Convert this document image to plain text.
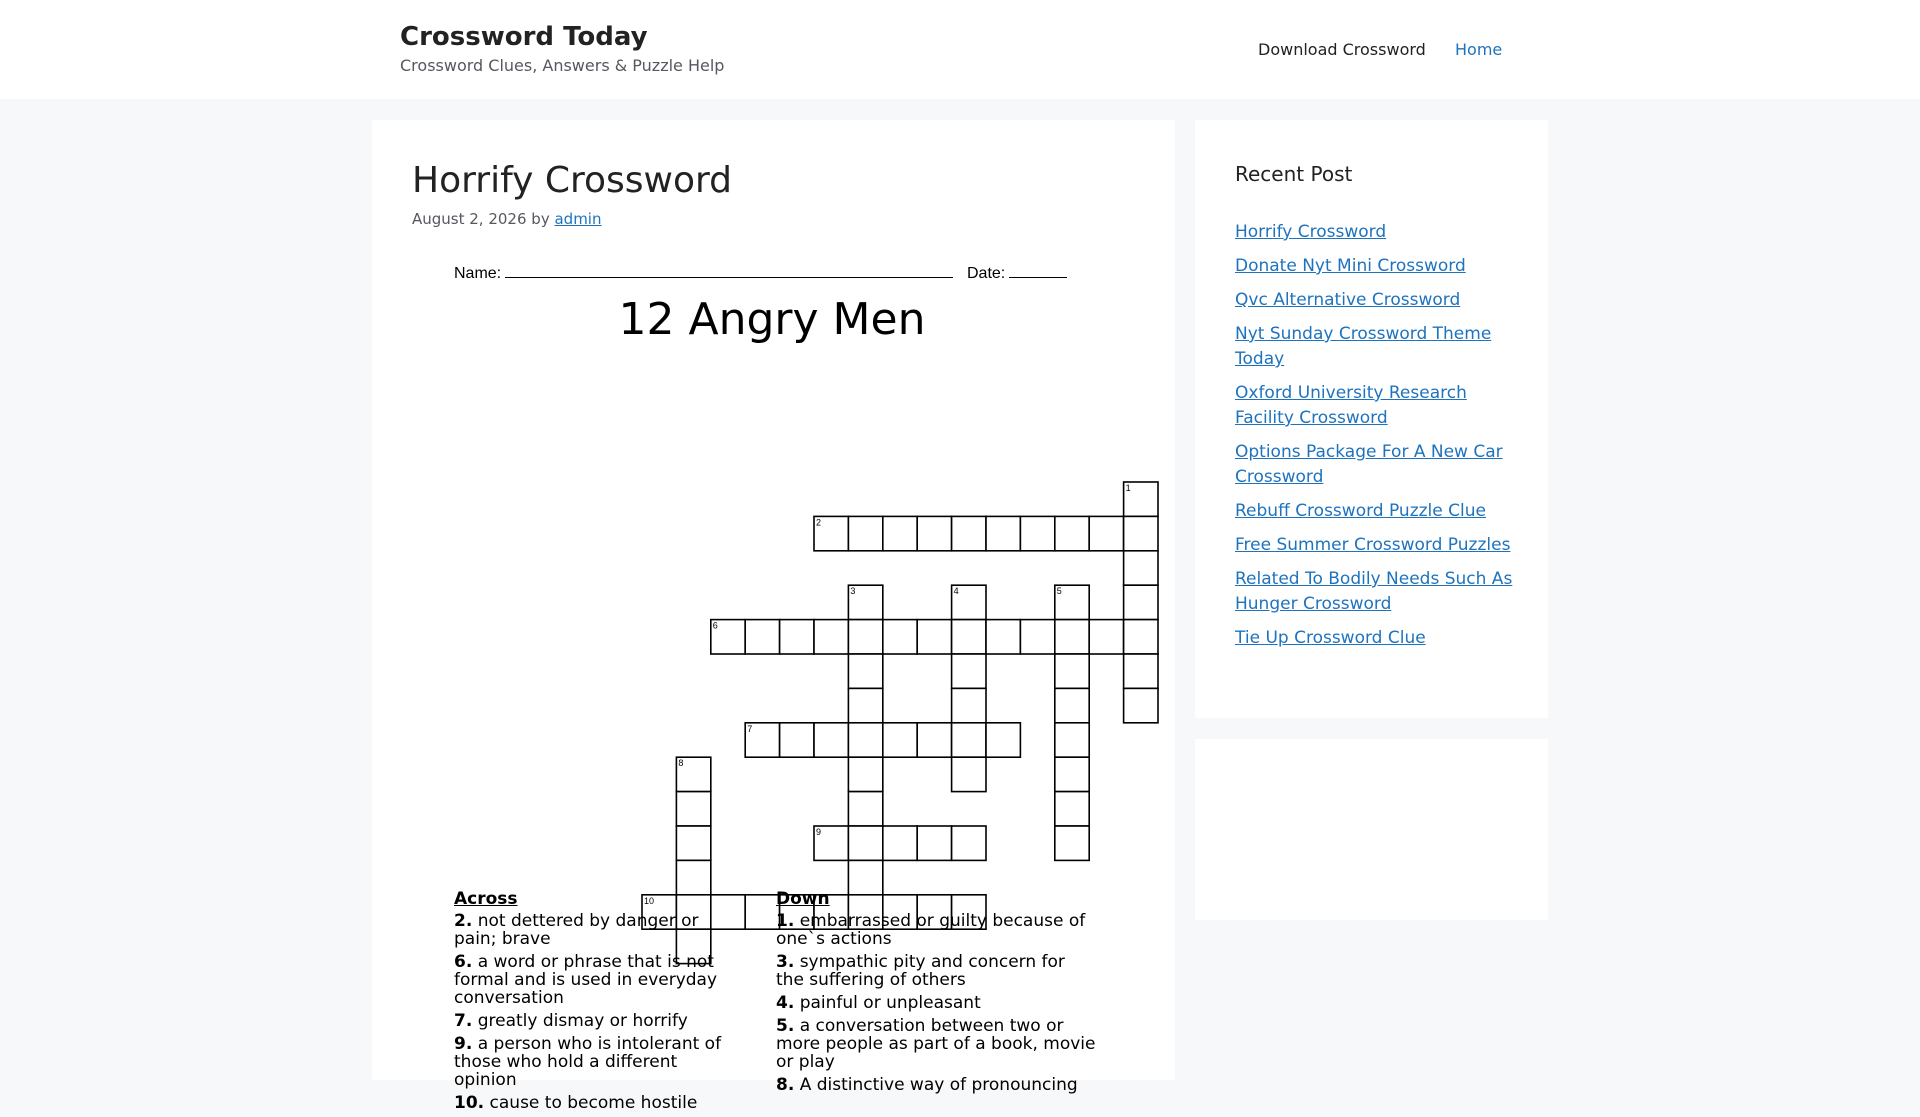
Crossword Today
Crossword Clues, Answers & Puzzle Help
Download Crossword Home
Horrify Crossword
August 2, 2026 by admin
Name:	Date:
12 Angry Men
1
2
3	4	5
6
7
8
9
10
Across
2. not dettered by danger or pain; brave
6. a word or phrase that is not formal and is used in everyday conversation
7. greatly dismay or horrify
9. a person who is intolerant of those who hold a different opinion
10. cause to become hostile
Down
1. embarrassed or guilty because of one`s actions
3. sympathic pity and concern for the suffering of others
4. painful or unpleasant
5. a conversation between two or more people as part of a book, movie or play
8. A distinctive way of pronouncing
Recent Post
Horrify Crossword
Donate Nyt Mini Crossword
Qvc Alternative Crossword
Nyt Sunday Crossword Theme Today
Oxford University Research Facility Crossword
Options Package For A New Car Crossword
Rebuff Crossword Puzzle Clue
Free Summer Crossword Puzzles
Related To Bodily Needs Such As Hunger Crossword
Tie Up Crossword Clue
